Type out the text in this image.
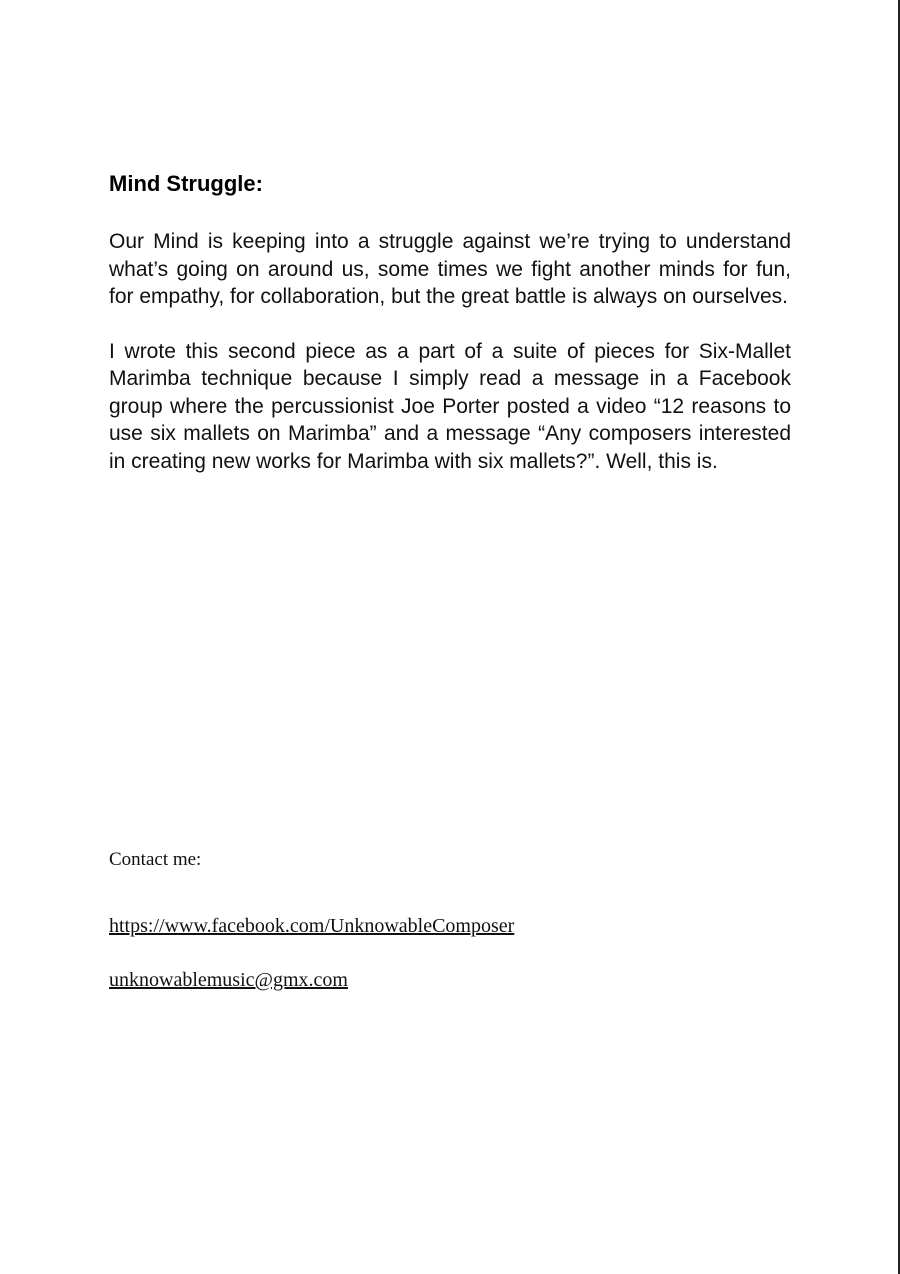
Mind Struggle:

Our Mind is keeping into a struggle against we’re trying to understand what’s going on around us, some times we fight another minds for fun, for empathy, for collaboration, but the great battle is always on ourselves.

I wrote this second piece as a part of a suite of pieces for Six-Mallet Marimba technique because I simply read a message in a Facebook group where the percussionist Joe Porter posted a video “12 reasons to use six mallets on Marimba” and a message “Any composers interested in creating new works for Marimba with six mallets?”. Well, this is.

Contact me:
https://www.facebook.com/UnknowableComposer
unknowablemusic@gmx.com
